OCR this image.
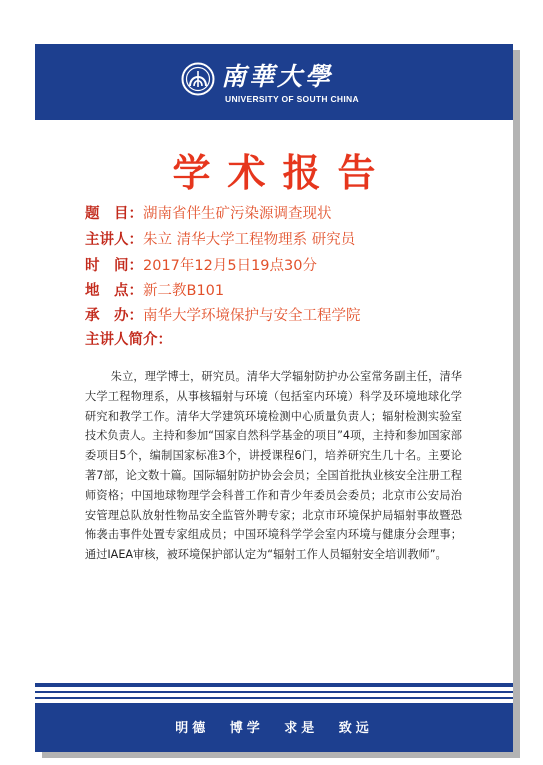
南華大學
UNIVERSITY OF SOUTH CHINA
学术报告
题　目：湖南省伴生矿污染源调查现状
主讲人：朱立 清华大学工程物理系 研究员
时　间：2017年12月5日19点30分
地　点：新二教B101
承　办：南华大学环境保护与安全工程学院
主讲人简介：

朱立，理学博士，研究员。清华大学辐射防护办公室常务副主任，清华大学工程物理系，从事核辐射与环境（包括室内环境）科学及环境地球化学研究和教学工作。清华大学建筑环境检测中心质量负责人；辐射检测实验室技术负责人。主持和参加“国家自然科学基金的项目”4项，主持和参加国家部委项目5个，编制国家标准3个，讲授课程6门，培养研究生几十名。主要论著7部，论文数十篇。国际辐射防护协会会员；全国首批执业核安全注册工程师资格；中国地球物理学会科普工作和青少年委员会委员；北京市公安局治安管理总队放射性物品安全监管外聘专家；北京市环境保护局辐射事故暨恐怖袭击事件处置专家组成员；中国环境科学学会室内环境与健康分会理事；通过IAEA审核，被环境保护部认定为“辐射工作人员辐射安全培训教师”。

明德 博学 求是 致远
